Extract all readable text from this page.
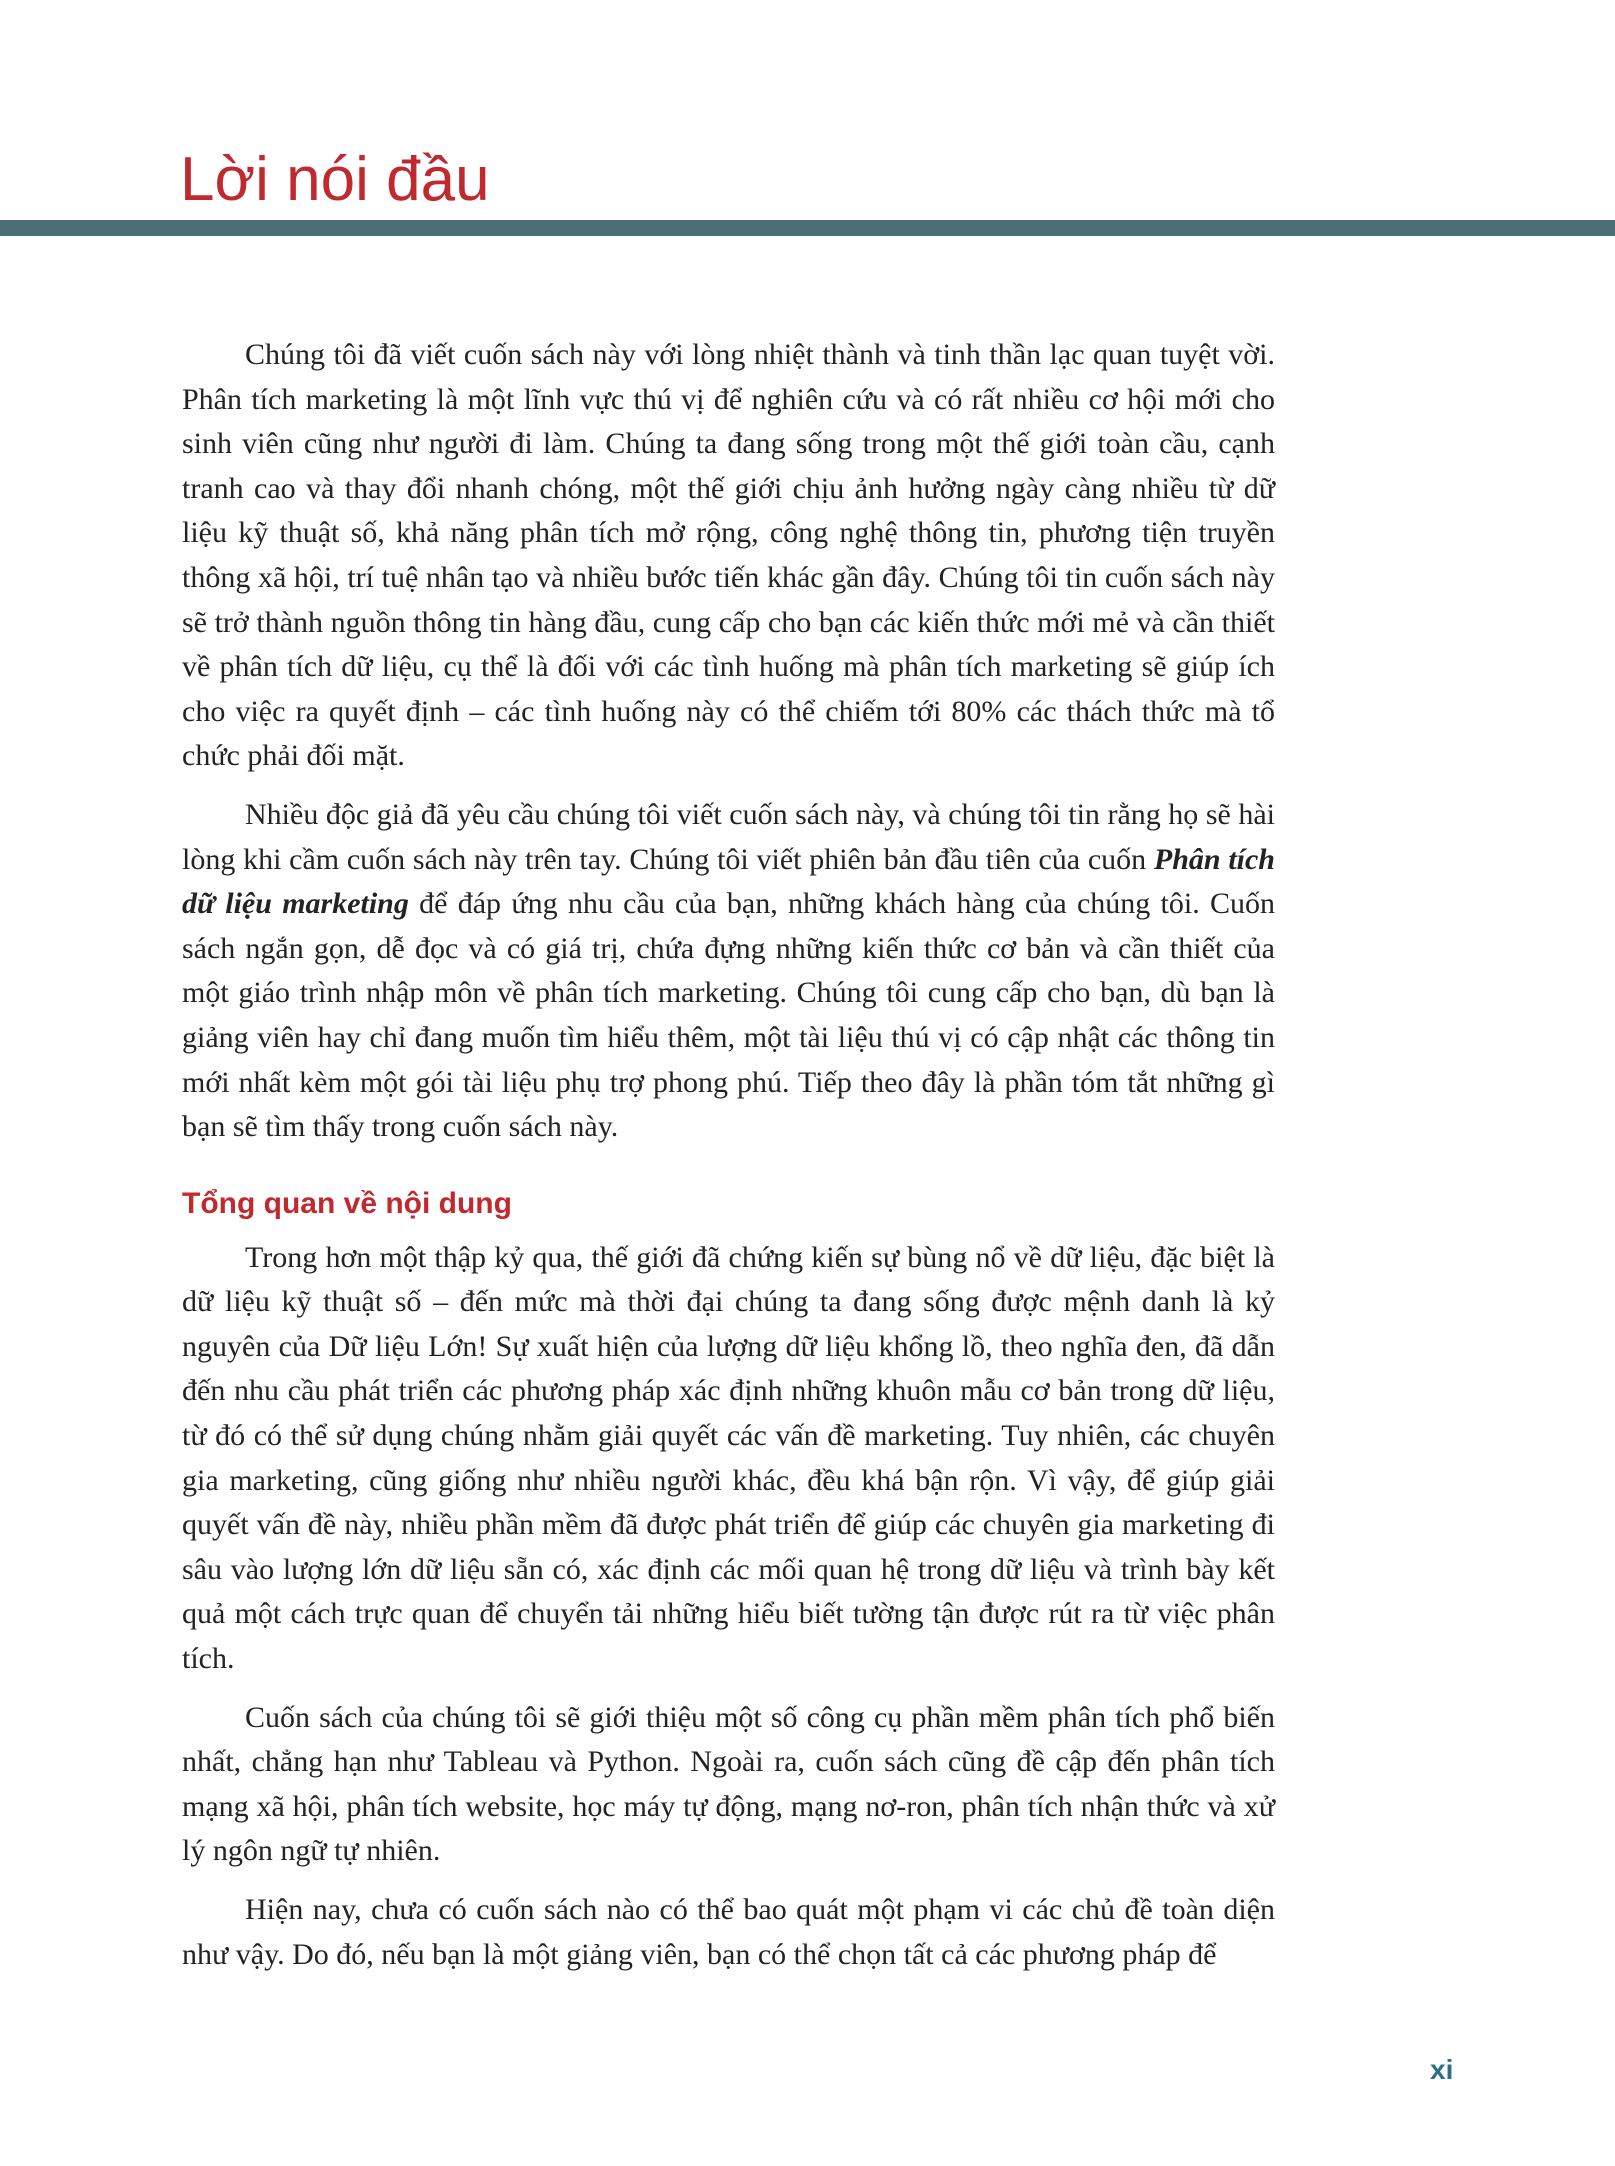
Lời nói đầu

Chúng tôi đã viết cuốn sách này với lòng nhiệt thành và tinh thần lạc quan tuyệt vời. Phân tích marketing là một lĩnh vực thú vị để nghiên cứu và có rất nhiều cơ hội mới cho sinh viên cũng như người đi làm. Chúng ta đang sống trong một thế giới toàn cầu, cạnh tranh cao và thay đổi nhanh chóng, một thế giới chịu ảnh hưởng ngày càng nhiều từ dữ liệu kỹ thuật số, khả năng phân tích mở rộng, công nghệ thông tin, phương tiện truyền thông xã hội, trí tuệ nhân tạo và nhiều bước tiến khác gần đây. Chúng tôi tin cuốn sách này sẽ trở thành nguồn thông tin hàng đầu, cung cấp cho bạn các kiến thức mới mẻ và cần thiết về phân tích dữ liệu, cụ thể là đối với các tình huống mà phân tích marketing sẽ giúp ích cho việc ra quyết định – các tình huống này có thể chiếm tới 80% các thách thức mà tổ chức phải đối mặt.

Nhiều độc giả đã yêu cầu chúng tôi viết cuốn sách này, và chúng tôi tin rằng họ sẽ hài lòng khi cầm cuốn sách này trên tay. Chúng tôi viết phiên bản đầu tiên của cuốn Phân tích dữ liệu marketing để đáp ứng nhu cầu của bạn, những khách hàng của chúng tôi. Cuốn sách ngắn gọn, dễ đọc và có giá trị, chứa đựng những kiến thức cơ bản và cần thiết của một giáo trình nhập môn về phân tích marketing. Chúng tôi cung cấp cho bạn, dù bạn là giảng viên hay chỉ đang muốn tìm hiểu thêm, một tài liệu thú vị có cập nhật các thông tin mới nhất kèm một gói tài liệu phụ trợ phong phú. Tiếp theo đây là phần tóm tắt những gì bạn sẽ tìm thấy trong cuốn sách này.

Tổng quan về nội dung

Trong hơn một thập kỷ qua, thế giới đã chứng kiến sự bùng nổ về dữ liệu, đặc biệt là dữ liệu kỹ thuật số – đến mức mà thời đại chúng ta đang sống được mệnh danh là kỷ nguyên của Dữ liệu Lớn! Sự xuất hiện của lượng dữ liệu khổng lồ, theo nghĩa đen, đã dẫn đến nhu cầu phát triển các phương pháp xác định những khuôn mẫu cơ bản trong dữ liệu, từ đó có thể sử dụng chúng nhằm giải quyết các vấn đề marketing. Tuy nhiên, các chuyên gia marketing, cũng giống như nhiều người khác, đều khá bận rộn. Vì vậy, để giúp giải quyết vấn đề này, nhiều phần mềm đã được phát triển để giúp các chuyên gia marketing đi sâu vào lượng lớn dữ liệu sẵn có, xác định các mối quan hệ trong dữ liệu và trình bày kết quả một cách trực quan để chuyển tải những hiểu biết tường tận được rút ra từ việc phân tích.

Cuốn sách của chúng tôi sẽ giới thiệu một số công cụ phần mềm phân tích phổ biến nhất, chẳng hạn như Tableau và Python. Ngoài ra, cuốn sách cũng đề cập đến phân tích mạng xã hội, phân tích website, học máy tự động, mạng nơ-ron, phân tích nhận thức và xử lý ngôn ngữ tự nhiên.

Hiện nay, chưa có cuốn sách nào có thể bao quát một phạm vi các chủ đề toàn diện như vậy. Do đó, nếu bạn là một giảng viên, bạn có thể chọn tất cả các phương pháp để

xi
